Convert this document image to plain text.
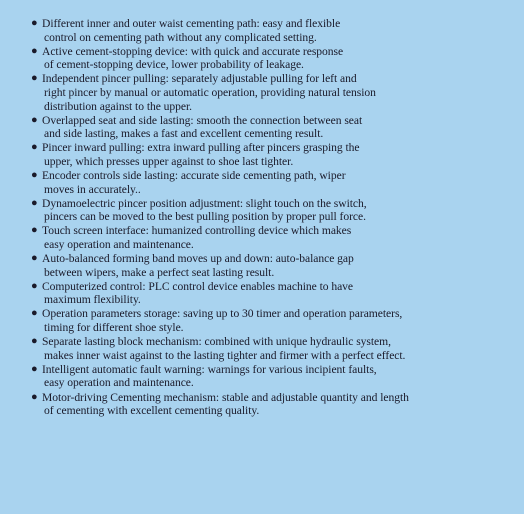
● Different inner and outer waist cementing path: easy and flexible
control on cementing path without any complicated setting.
● Active cement-stopping device: with quick and accurate response
of cement-stopping device, lower probability of leakage.
● Independent pincer pulling: separately adjustable pulling for left and
right pincer by manual or automatic operation, providing natural tension
distribution against to the upper.
● Overlapped seat and side lasting: smooth the connection between seat
and side lasting, makes a fast and excellent cementing result.
● Pincer inward pulling: extra inward pulling after pincers grasping the
upper, which presses upper against to shoe last tighter.
● Encoder controls side lasting: accurate side cementing path, wiper
moves in accurately..
● Dynamoelectric pincer position adjustment: slight touch on the switch,
pincers can be moved to the best pulling position by proper pull force.
● Touch screen interface: humanized controlling device which makes
easy operation and maintenance.
● Auto-balanced forming band moves up and down: auto-balance gap
between wipers, make a perfect seat lasting result.
● Computerized control: PLC control device enables machine to have
maximum flexibility.
● Operation parameters storage: saving up to 30 timer and operation parameters,
timing for different shoe style.
● Separate lasting block mechanism: combined with unique hydraulic system,
makes inner waist against to the lasting tighter and firmer with a perfect effect.
● Intelligent automatic fault warning: warnings for various incipient faults,
easy operation and maintenance.
● Motor-driving Cementing mechanism: stable and adjustable quantity and length
of cementing with excellent cementing quality.
